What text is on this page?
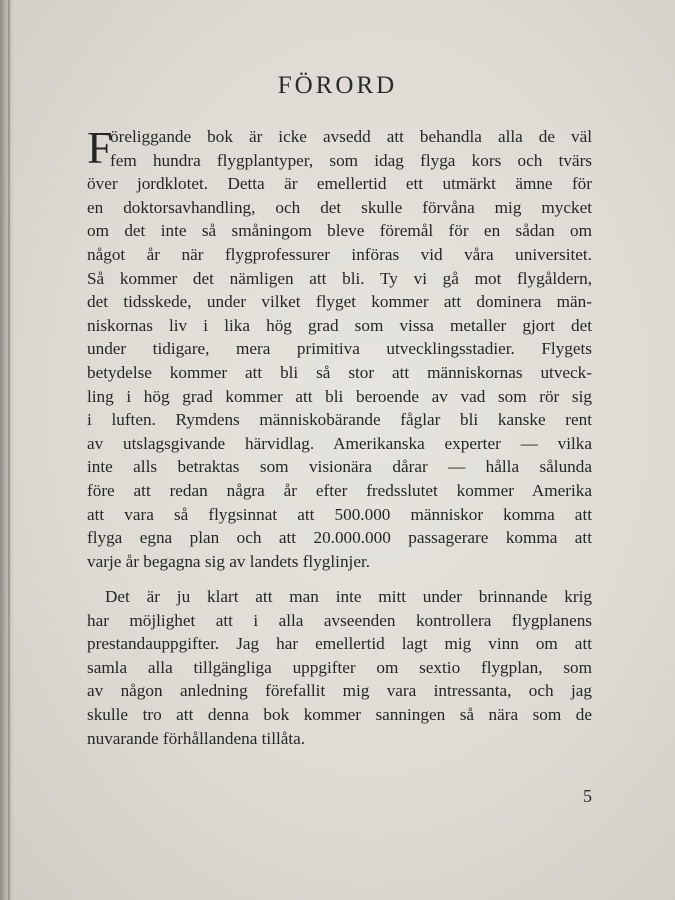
FÖRORD
F
öreliggande bok är icke avsedd att behandla alla de väl
fem hundra flygplantyper, som idag flyga kors och tvärs
över jordklotet. Detta är emellertid ett utmärkt ämne för
en doktorsavhandling, och det skulle förvåna mig mycket
om det inte så småningom bleve föremål för en sådan om
något år när flygprofessurer införas vid våra universitet.
Så kommer det nämligen att bli. Ty vi gå mot flygåldern,
det tidsskede, under vilket flyget kommer att dominera män-
niskornas liv i lika hög grad som vissa metaller gjort det
under tidigare, mera primitiva utvecklingsstadier. Flygets
betydelse kommer att bli så stor att människornas utveck-
ling i hög grad kommer att bli beroende av vad som rör sig
i luften. Rymdens människobärande fåglar bli kanske rent
av utslagsgivande härvidlag. Amerikanska experter — vilka
inte alls betraktas som visionära dårar — hålla sålunda
före att redan några år efter fredsslutet kommer Amerika
att vara så flygsinnat att 500.000 människor komma att
flyga egna plan och att 20.000.000 passagerare komma att
varje år begagna sig av landets flyglinjer.
Det är ju klart att man inte mitt under brinnande krig
har möjlighet att i alla avseenden kontrollera flygplanens
prestandauppgifter. Jag har emellertid lagt mig vinn om att
samla alla tillgängliga uppgifter om sextio flygplan, som
av någon anledning förefallit mig vara intressanta, och jag
skulle tro att denna bok kommer sanningen så nära som de
nuvarande förhållandena tillåta.
5
